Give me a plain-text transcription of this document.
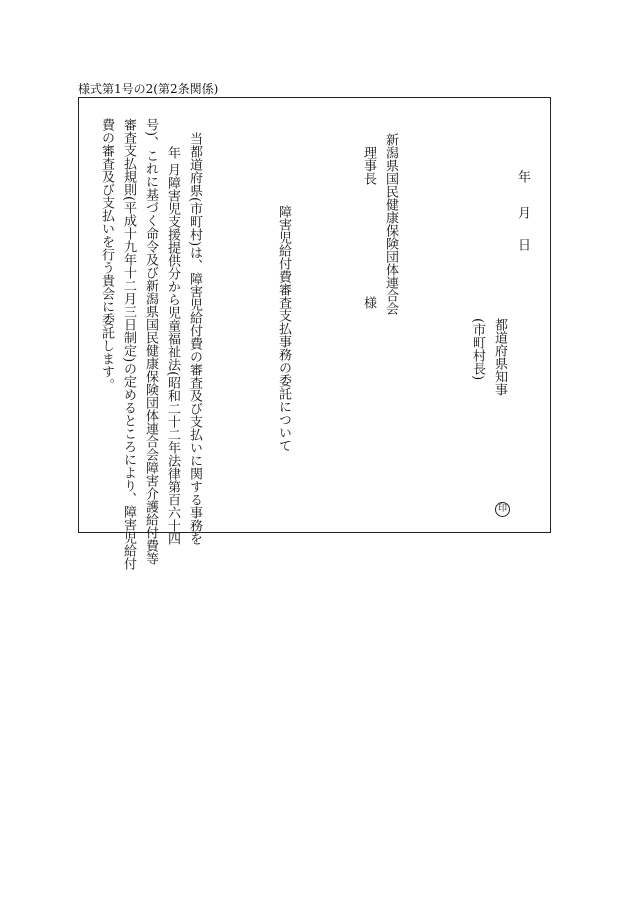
様式第1号の2(第2条関係)
年
月
日
都道府県知事
(市町村長)
印
新潟県国民健康保険団体連合会
理事長
様
障害児給付費審査支払事務の委託について
当都道府県(市町村)は、障害児給付費の審査及び支払いに関する事務を
年 月障害児支援提供分から児童福祉法(昭和二十二年法律第百六十四
号)、これに基づく命令及び新潟県国民健康保険団体連合会障害介護給付費等
審査支払規則(平成十九年十二月三日制定)の定めるところにより、障害児給付
費の審査及び支払いを行う貴会に委託します。
